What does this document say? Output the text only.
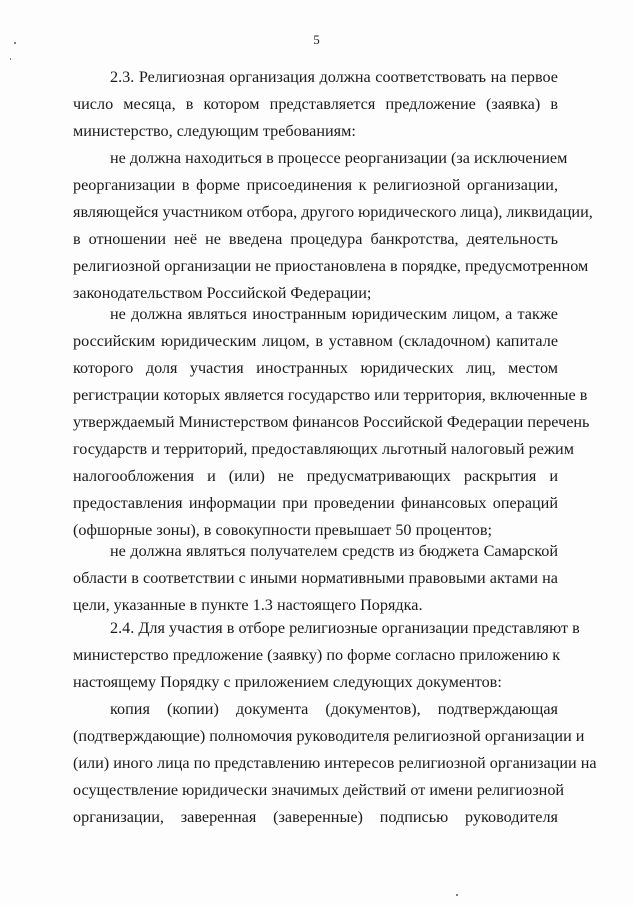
5
2.3. Религиозная организация должна соответствовать на первое
число месяца, в котором представляется предложение (заявка) в
министерство, следующим требованиям:
не должна находиться в процессе реорганизации (за исключением
реорганизации в форме присоединения к религиозной организации,
являющейся участником отбора, другого юридического лица), ликвидации,
в отношении неё не введена процедура банкротства, деятельность
религиозной организации не приостановлена в порядке, предусмотренном
законодательством Российской Федерации;
не должна являться иностранным юридическим лицом, а также
российским юридическим лицом, в уставном (складочном) капитале
которого доля участия иностранных юридических лиц, местом
регистрации которых является государство или территория, включенные в
утверждаемый Министерством финансов Российской Федерации перечень
государств и территорий, предоставляющих льготный налоговый режим
налогообложения и (или) не предусматривающих раскрытия и
предоставления информации при проведении финансовых операций
(офшорные зоны), в совокупности превышает 50 процентов;
не должна являться получателем средств из бюджета Самарской
области в соответствии с иными нормативными правовыми актами на
цели, указанные в пункте 1.3 настоящего Порядка.
2.4. Для участия в отборе религиозные организации представляют в
министерство предложение (заявку) по форме согласно приложению к
настоящему Порядку с приложением следующих документов:
копия (копии) документа (документов), подтверждающая
(подтверждающие) полномочия руководителя религиозной организации и
(или) иного лица по представлению интересов религиозной организации на
осуществление юридически значимых действий от имени религиозной
организации, заверенная (заверенные) подписью руководителя
